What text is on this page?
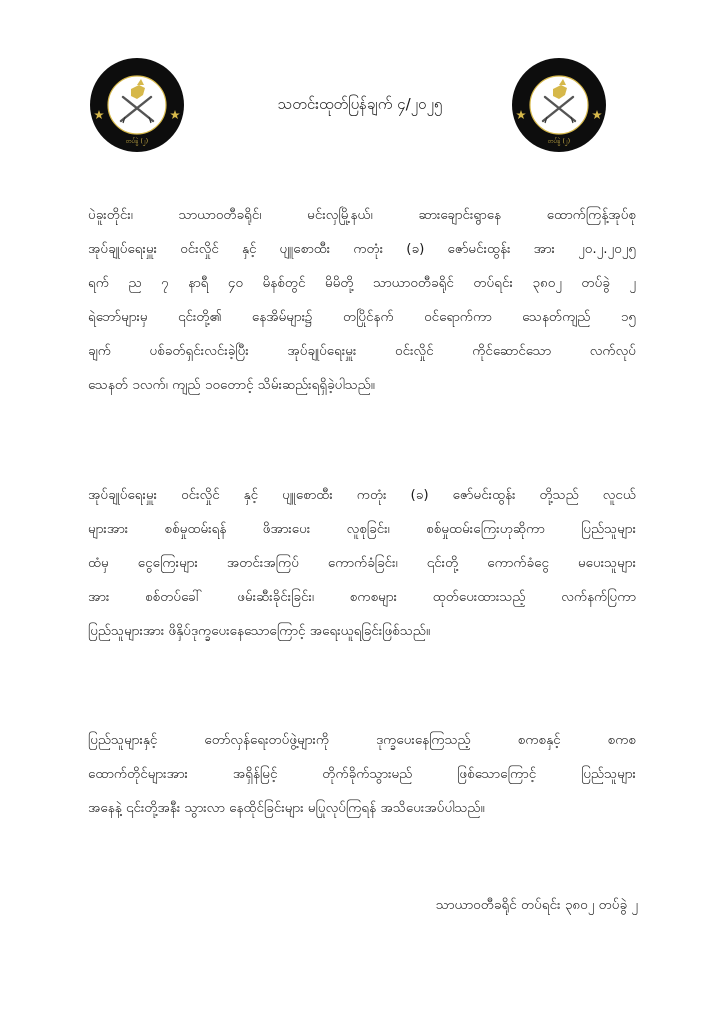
တပ်ခွဲ (၂)	တပ်ခွဲ (၂)
သတင်းထုတ်ပြန်ချက် ၄/၂၀၂၅

ပဲခူးတိုင်း၊ သာယာဝတီခရိုင်၊ မင်းလှမြို့နယ်၊ ဆားချောင်းရွာနေ ထောက်ကြန့်အုပ်စု
အုပ်ချုပ်ရေးမှူး ဝင်းလှိုင် နှင့် ပျူစောထီး ကတုံး (ခ) ဇော်မင်းထွန်း အား ၂၀.၂.၂၀၂၅
ရက် ည ၇ နာရီ ၄၀ မိနစ်တွင် မိမိတို့ သာယာဝတီခရိုင် တပ်ရင်း ၃၈၀၂ တပ်ခွဲ ၂
ရဲဘော်များမှ ၎င်းတို့၏ နေအိမ်များ၌ တပြိုင်နက် ဝင်ရောက်ကာ သေနတ်ကျည် ၁၅
ချက် ပစ်ခတ်ရှင်းလင်းခဲ့ပြီး အုပ်ချုပ်ရေးမှူး ဝင်းလှိုင် ကိုင်ဆောင်သော လက်လုပ်
သေနတ် ၁လက်၊ ကျည် ၁၀တောင့် သိမ်းဆည်းရရှိခဲ့ပါသည်။

အုပ်ချုပ်ရေးမှူး ဝင်းလှိုင် နှင့် ပျူစောထီး ကတုံး (ခ) ဇော်မင်းထွန်း တို့သည် လူငယ်
များအား စစ်မှုထမ်းရန် ဖိအားပေး လူစုခြင်း၊ စစ်မှုထမ်းကြေးဟုဆိုကာ ပြည်သူများ
ထံမှ ငွေကြေးများ အတင်းအကြပ် ကောက်ခံခြင်း၊ ၎င်းတို့ ကောက်ခံငွေ မပေးသူများ
အား စစ်တပ်ခေါ် ဖမ်းဆီးခိုင်းခြင်း၊ စကစများ ထုတ်ပေးထားသည့် လက်နက်ပြကာ
ပြည်သူများအား ဖိနှိပ်ဒုက္ခပေးနေသောကြောင့် အရေးယူရခြင်းဖြစ်သည်။

ပြည်သူများနှင့် တော်လှန်ရေးတပ်ဖွဲ့များကို ဒုက္ခပေးနေကြသည့် စကစနှင့် စကစ
ထောက်တိုင်များအား အရှိန်မြင့် တိုက်ခိုက်သွားမည် ဖြစ်သောကြောင့် ပြည်သူများ
အနေနဲ့ ၎င်းတို့အနီး သွားလာ နေထိုင်ခြင်းများ မပြုလုပ်ကြရန် အသိပေးအပ်ပါသည်။

သာယာဝတီခရိုင် တပ်ရင်း ၃၈၀၂ တပ်ခွဲ ၂
